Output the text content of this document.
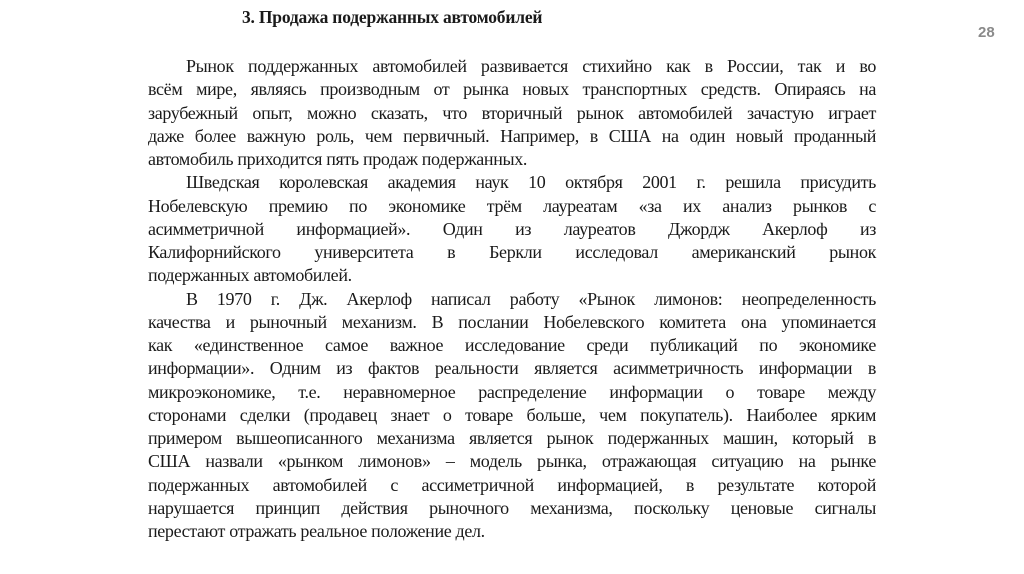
3. Продажа подержанных автомобилей
28
Рынок поддержанных автомобилей развивается стихийно как в России, так и во
всём мире, являясь производным от рынка новых транспортных средств. Опираясь на
зарубежный опыт, можно сказать, что вторичный рынок автомобилей зачастую играет
даже более важную роль, чем первичный. Например, в США на один новый проданный
автомобиль приходится пять продаж подержанных.
Шведская королевская академия наук 10 октября 2001 г. решила присудить
Нобелевскую премию по экономике трём лауреатам «за их анализ рынков с
асимметричной информацией». Один из лауреатов Джордж Акерлоф из
Калифорнийского университета в Беркли исследовал американский рынок
подержанных автомобилей.
В 1970 г. Дж. Акерлоф написал работу «Рынок лимонов: неопределенность
качества и рыночный механизм. В послании Нобелевского комитета она упоминается
как «единственное самое важное исследование среди публикаций по экономике
информации». Одним из фактов реальности является асимметричность информации в
микроэкономике, т.е. неравномерное распределение информации о товаре между
сторонами сделки (продавец знает о товаре больше, чем покупатель). Наиболее ярким
примером вышеописанного механизма является рынок подержанных машин, который в
США назвали «рынком лимонов» – модель рынка, отражающая ситуацию на рынке
подержанных автомобилей с ассиметричной информацией, в результате которой
нарушается принцип действия рыночного механизма, поскольку ценовые сигналы
перестают отражать реальное положение дел.
